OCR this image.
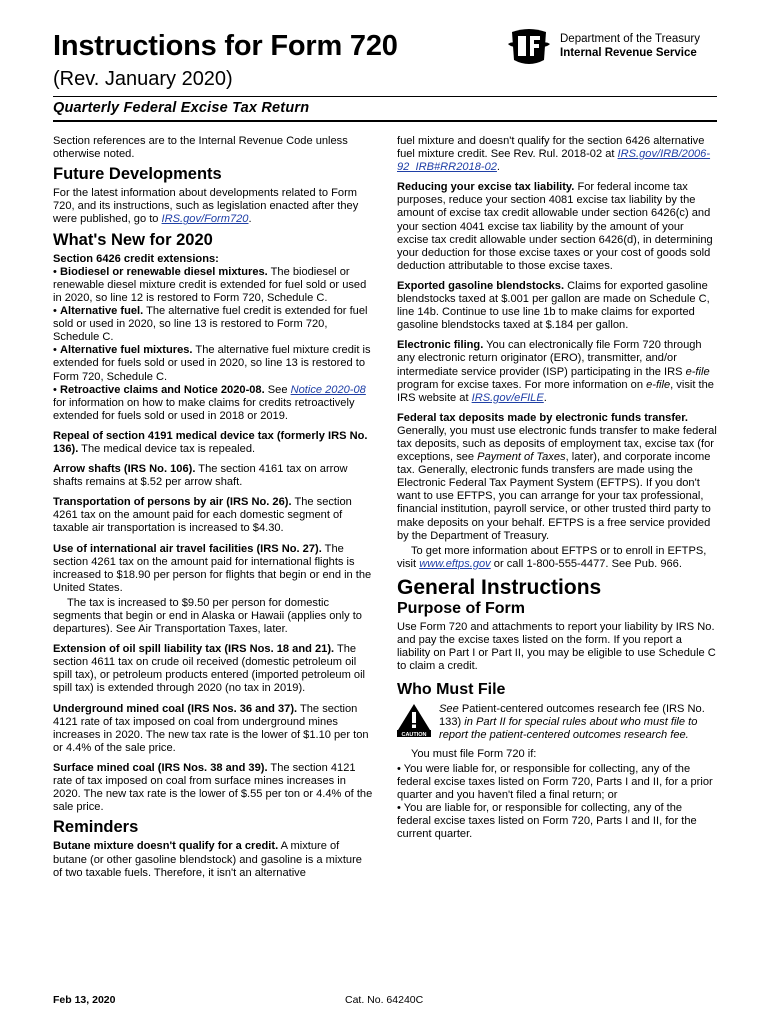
Instructions for Form 720
(Rev. January 2020)
Quarterly Federal Excise Tax Return
Department of the Treasury
Internal Revenue Service

Section references are to the Internal Revenue Code unless otherwise noted.

Future Developments

For the latest information about developments related to Form 720, and its instructions, such as legislation enacted after they were published, go to IRS.gov/Form720.

What's New for 2020
Section 6426 credit extensions:
• Biodiesel or renewable diesel mixtures. The biodiesel or renewable diesel mixture credit is extended for fuel sold or used in 2020, so line 12 is restored to Form 720, Schedule C.
• Alternative fuel. The alternative fuel credit is extended for fuel sold or used in 2020, so line 13 is restored to Form 720, Schedule C.
• Alternative fuel mixtures. The alternative fuel mixture credit is extended for fuels sold or used in 2020, so line 13 is restored to Form 720, Schedule C.
• Retroactive claims and Notice 2020-08. See Notice 2020-08 for information on how to make claims for credits retroactively extended for fuels sold or used in 2018 or 2019.

Repeal of section 4191 medical device tax (formerly IRS No. 136). The medical device tax is repealed.

Arrow shafts (IRS No. 106). The section 4161 tax on arrow shafts remains at $.52 per arrow shaft.

Transportation of persons by air (IRS No. 26). The section 4261 tax on the amount paid for each domestic segment of taxable air transportation is increased to $4.30.

Use of international air travel facilities (IRS No. 27). The section 4261 tax on the amount paid for international flights is increased to $18.90 per person for flights that begin or end in the United States.

The tax is increased to $9.50 per person for domestic segments that begin or end in Alaska or Hawaii (applies only to departures). See Air Transportation Taxes, later.

Extension of oil spill liability tax (IRS Nos. 18 and 21). The section 4611 tax on crude oil received (domestic petroleum oil spill tax), or petroleum products entered (imported petroleum oil spill tax) is extended through 2020 (no tax in 2019).

Underground mined coal (IRS Nos. 36 and 37). The section 4121 rate of tax imposed on coal from underground mines increases in 2020. The new tax rate is the lower of $1.10 per ton or 4.4% of the sale price.

Surface mined coal (IRS Nos. 38 and 39). The section 4121 rate of tax imposed on coal from surface mines increases in 2020. The new tax rate is the lower of $.55 per ton or 4.4% of the sale price.

Reminders

Butane mixture doesn't qualify for a credit. A mixture of butane (or other gasoline blendstock) and gasoline is a mixture of two taxable fuels. Therefore, it isn't an alternative

fuel mixture and doesn't qualify for the section 6426 alternative fuel mixture credit. See Rev. Rul. 2018-02 at IRS.gov/IRB/2006-92_IRB#RR2018-02.

Reducing your excise tax liability. For federal income tax purposes, reduce your section 4081 excise tax liability by the amount of excise tax credit allowable under section 6426(c) and your section 4041 excise tax liability by the amount of your excise tax credit allowable under section 6426(d), in determining your deduction for those excise taxes or your cost of goods sold deduction attributable to those excise taxes.

Exported gasoline blendstocks. Claims for exported gasoline blendstocks taxed at $.001 per gallon are made on Schedule C, line 14b. Continue to use line 1b to make claims for exported gasoline blendstocks taxed at $.184 per gallon.

Electronic filing. You can electronically file Form 720 through any electronic return originator (ERO), transmitter, and/or intermediate service provider (ISP) participating in the IRS e-file program for excise taxes. For more information on e-file, visit the IRS website at IRS.gov/eFILE.

Federal tax deposits made by electronic funds transfer. Generally, you must use electronic funds transfer to make federal tax deposits, such as deposits of employment tax, excise tax (for exceptions, see Payment of Taxes, later), and corporate income tax. Generally, electronic funds transfers are made using the Electronic Federal Tax Payment System (EFTPS). If you don't want to use EFTPS, you can arrange for your tax professional, financial institution, payroll service, or other trusted third party to make deposits on your behalf. EFTPS is a free service provided by the Department of Treasury.

To get more information about EFTPS or to enroll in EFTPS, visit www.eftps.gov or call 1-800-555-4477. See Pub. 966.

General Instructions
Purpose of Form

Use Form 720 and attachments to report your liability by IRS No. and pay the excise taxes listed on the form. If you report a liability on Part I or Part II, you may be eligible to use Schedule C to claim a credit.

Who Must File
CAUTION
See Patient-centered outcomes research fee (IRS No. 133) in Part II for special rules about who must file to report the patient-centered outcomes research fee.

You must file Form 720 if:

• You were liable for, or responsible for collecting, any of the federal excise taxes listed on Form 720, Parts I and II, for a prior quarter and you haven't filed a final return; or
• You are liable for, or responsible for collecting, any of the federal excise taxes listed on Form 720, Parts I and II, for the current quarter.
Feb 13, 2020	Cat. No. 64240C
